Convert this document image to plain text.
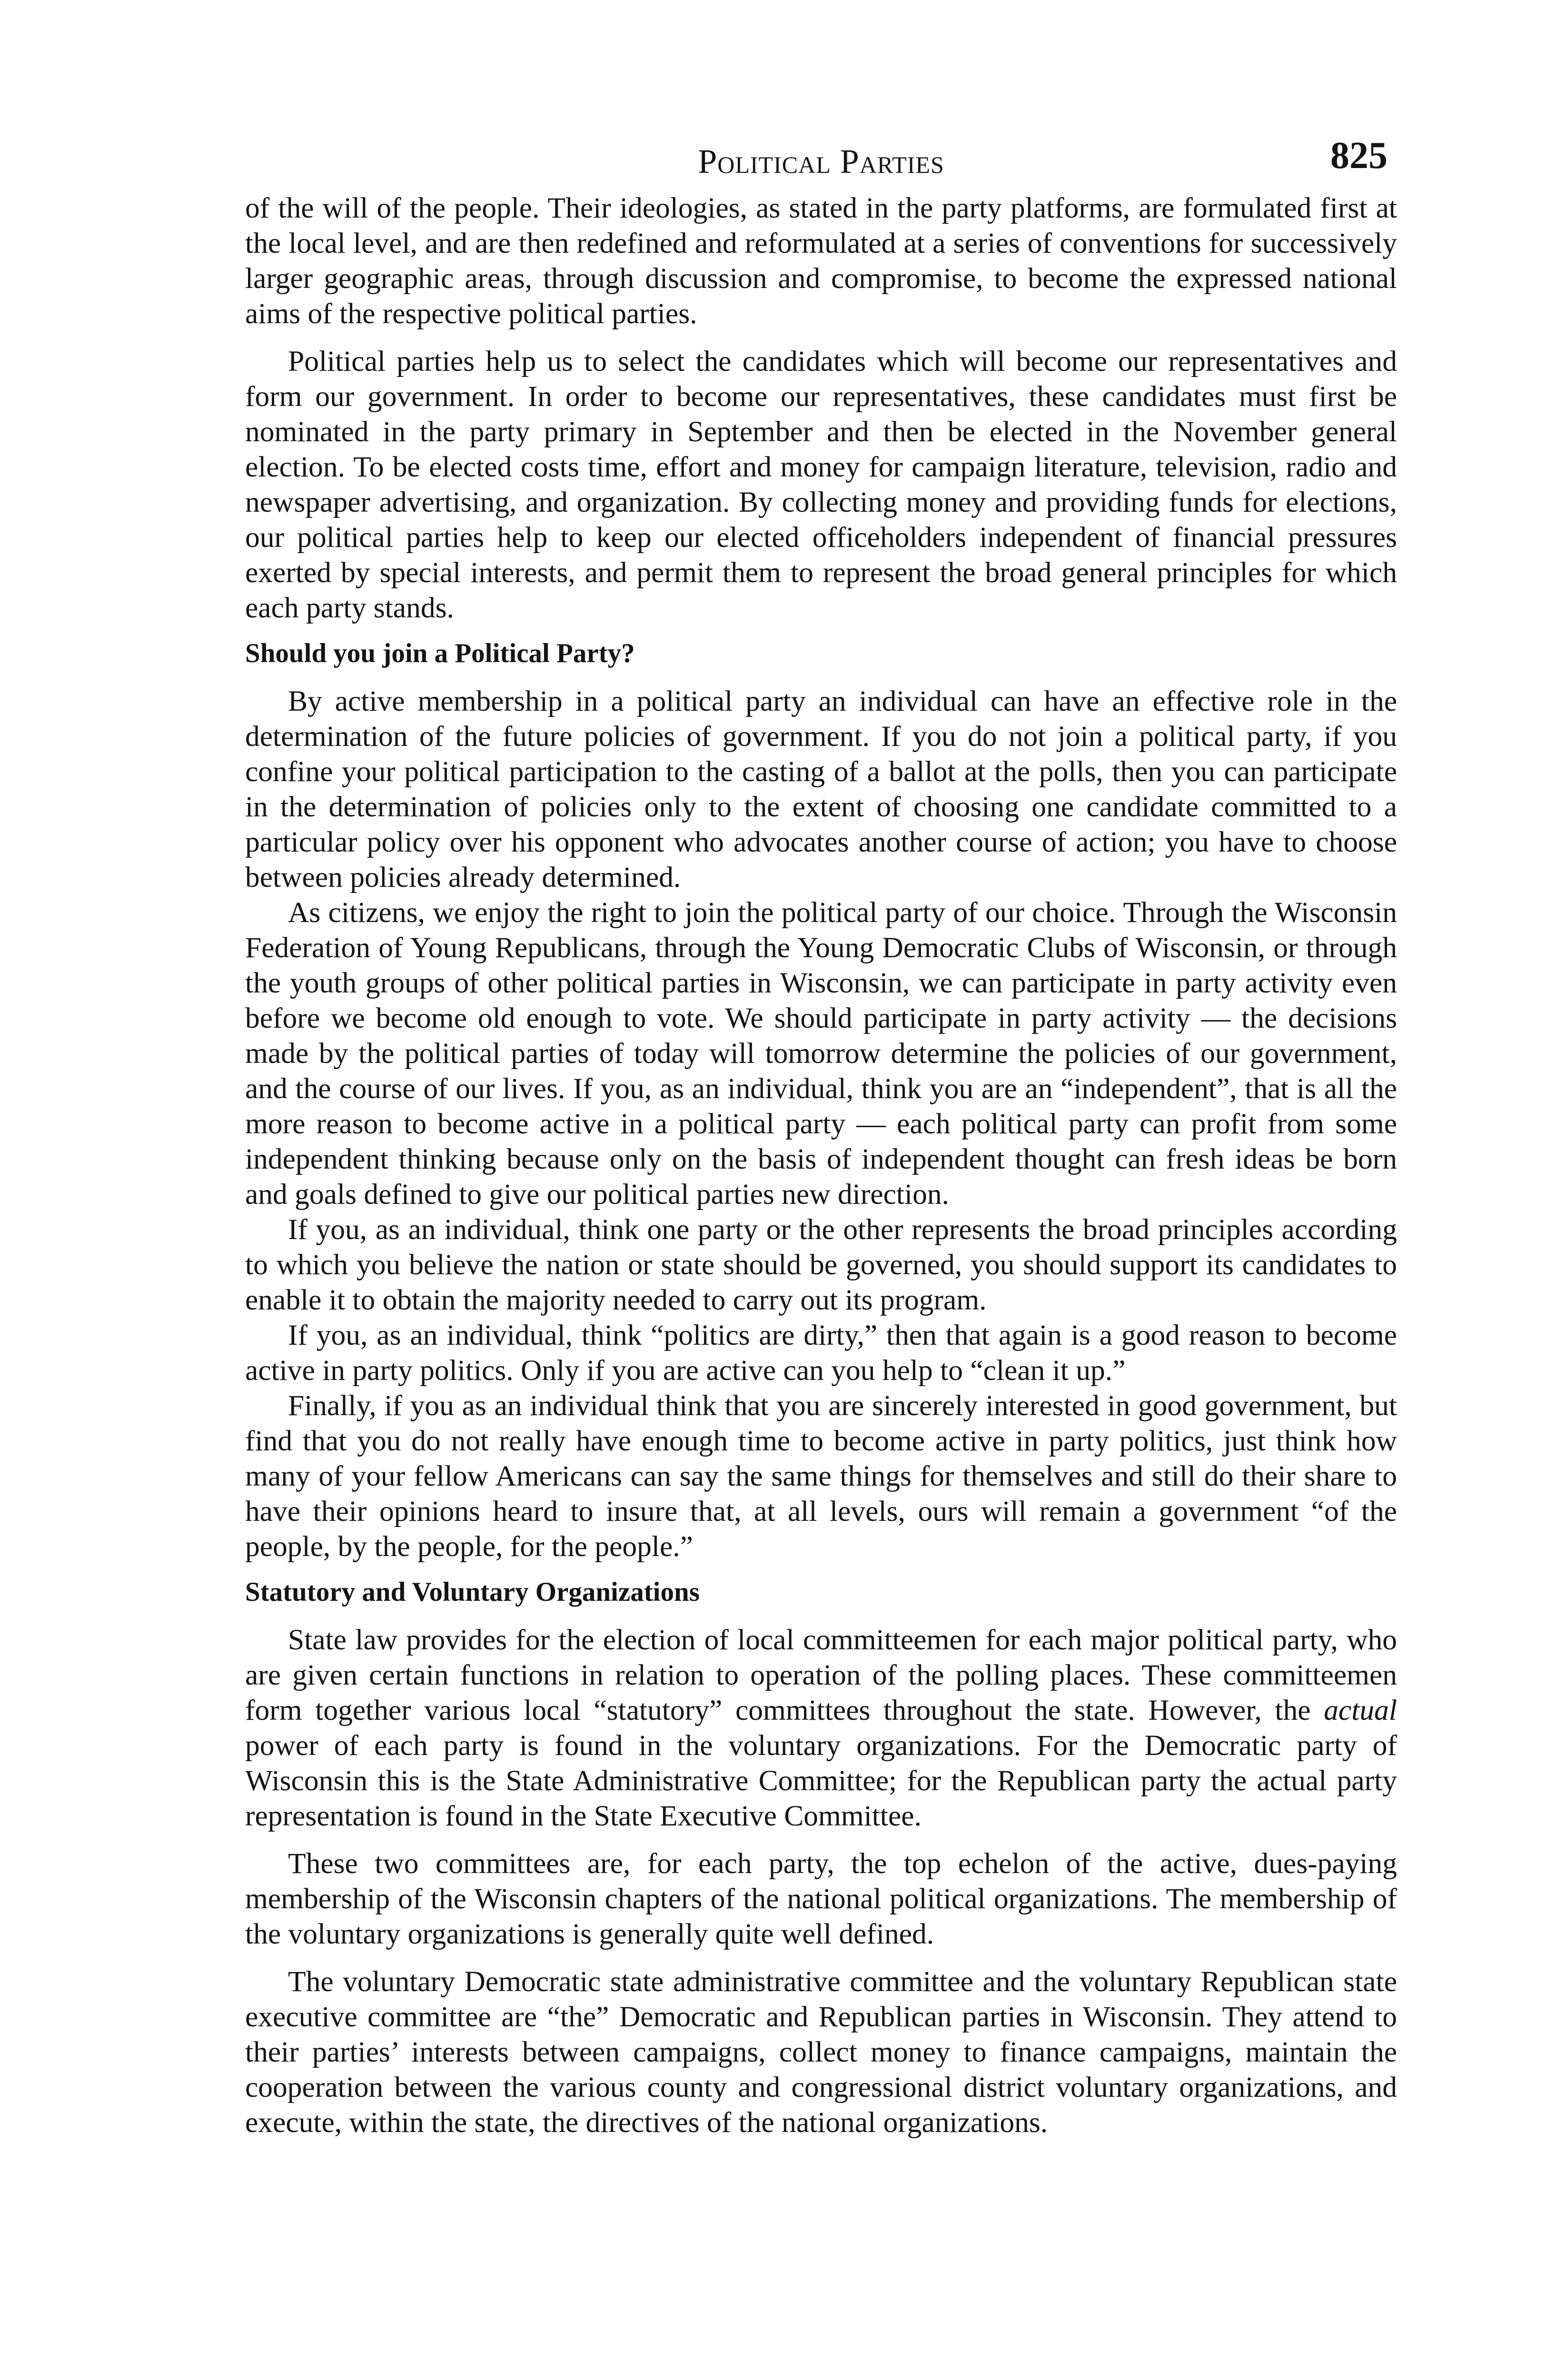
Political Parties	825

of the will of the people. Their ideologies, as stated in the party platforms, are formulated first at the local level, and are then redefined and reformulated at a series of conventions for successively larger geographic areas, through discussion and compromise, to become the expressed national aims of the respective political parties.

Political parties help us to select the candidates which will become our representatives and form our government. In order to become our representatives, these candidates must first be nominated in the party primary in September and then be elected in the November general election. To be elected costs time, effort and money for campaign literature, television, radio and newspaper advertising, and organization. By collecting money and providing funds for elections, our political parties help to keep our elected officeholders independent of financial pressures exerted by special interests, and permit them to represent the broad general principles for which each party stands.

Should you join a Political Party?

By active membership in a political party an individual can have an effective role in the determination of the future policies of government. If you do not join a political party, if you confine your political participation to the casting of a ballot at the polls, then you can participate in the determination of policies only to the extent of choosing one candidate committed to a particular policy over his opponent who advocates another course of action; you have to choose between policies already determined.

As citizens, we enjoy the right to join the political party of our choice. Through the Wisconsin Federation of Young Republicans, through the Young Democratic Clubs of Wisconsin, or through the youth groups of other political parties in Wisconsin, we can participate in party activity even before we become old enough to vote. We should participate in party activity — the decisions made by the political parties of today will tomorrow determine the policies of our government, and the course of our lives. If you, as an individual, think you are an “independent”, that is all the more reason to become active in a political party — each political party can profit from some independent thinking because only on the basis of independent thought can fresh ideas be born and goals defined to give our political parties new direction.

If you, as an individual, think one party or the other represents the broad principles according to which you believe the nation or state should be governed, you should support its candidates to enable it to obtain the majority needed to carry out its program.

If you, as an individual, think “politics are dirty,” then that again is a good reason to become active in party politics. Only if you are active can you help to “clean it up.”

Finally, if you as an individual think that you are sincerely interested in good government, but find that you do not really have enough time to become active in party politics, just think how many of your fellow Americans can say the same things for themselves and still do their share to have their opinions heard to insure that, at all levels, ours will remain a government “of the people, by the people, for the people.”

Statutory and Voluntary Organizations

State law provides for the election of local committeemen for each major political party, who are given certain functions in relation to operation of the polling places. These committeemen form together various local “statutory” committees throughout the state. However, the actual power of each party is found in the voluntary organizations. For the Democratic party of Wisconsin this is the State Administrative Committee; for the Republican party the actual party representation is found in the State Executive Committee.

These two committees are, for each party, the top echelon of the active, dues-paying membership of the Wisconsin chapters of the national political organizations. The membership of the voluntary organizations is generally quite well defined.

The voluntary Democratic state administrative committee and the voluntary Republican state executive committee are “the” Democratic and Republican parties in Wisconsin. They attend to their parties’ interests between campaigns, collect money to finance campaigns, maintain the cooperation between the various county and congressional district voluntary organizations, and execute, within the state, the directives of the national organizations.
